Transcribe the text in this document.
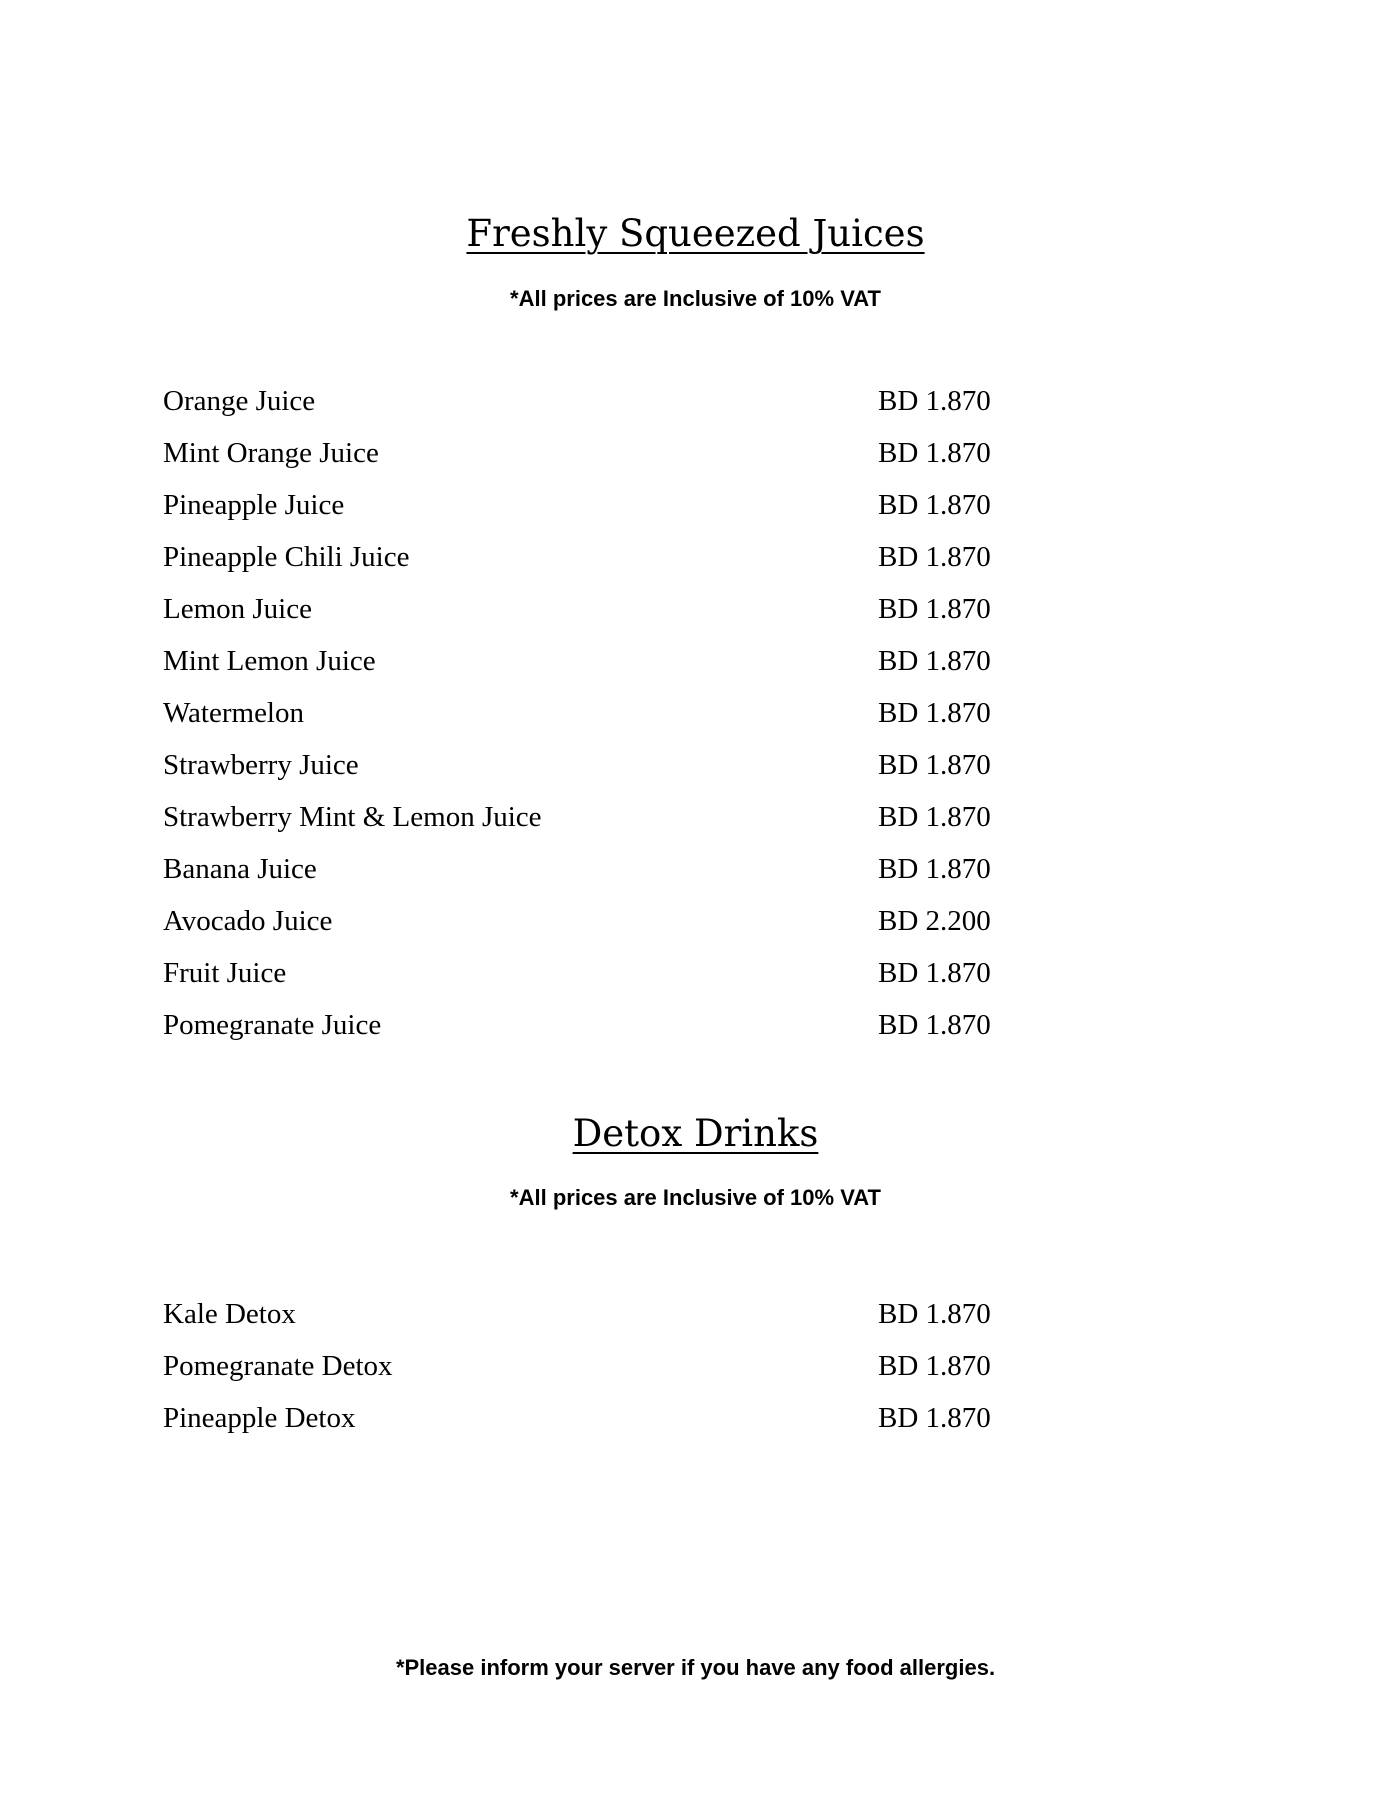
Freshly Squeezed Juices

*All prices are Inclusive of 10% VAT

Orange Juice	BD 1.870
Mint Orange Juice	BD 1.870
Pineapple Juice	BD 1.870
Pineapple Chili Juice	BD 1.870
Lemon Juice	BD 1.870
Mint Lemon Juice	BD 1.870
Watermelon	BD 1.870
Strawberry Juice	BD 1.870
Strawberry Mint & Lemon Juice	BD 1.870
Banana Juice	BD 1.870
Avocado Juice	BD 2.200
Fruit Juice	BD 1.870
Pomegranate Juice	BD 1.870
Detox Drinks

*All prices are Inclusive of 10% VAT

Kale Detox	BD 1.870
Pomegranate Detox	BD 1.870
Pineapple Detox	BD 1.870

*Please inform your server if you have any food allergies.
